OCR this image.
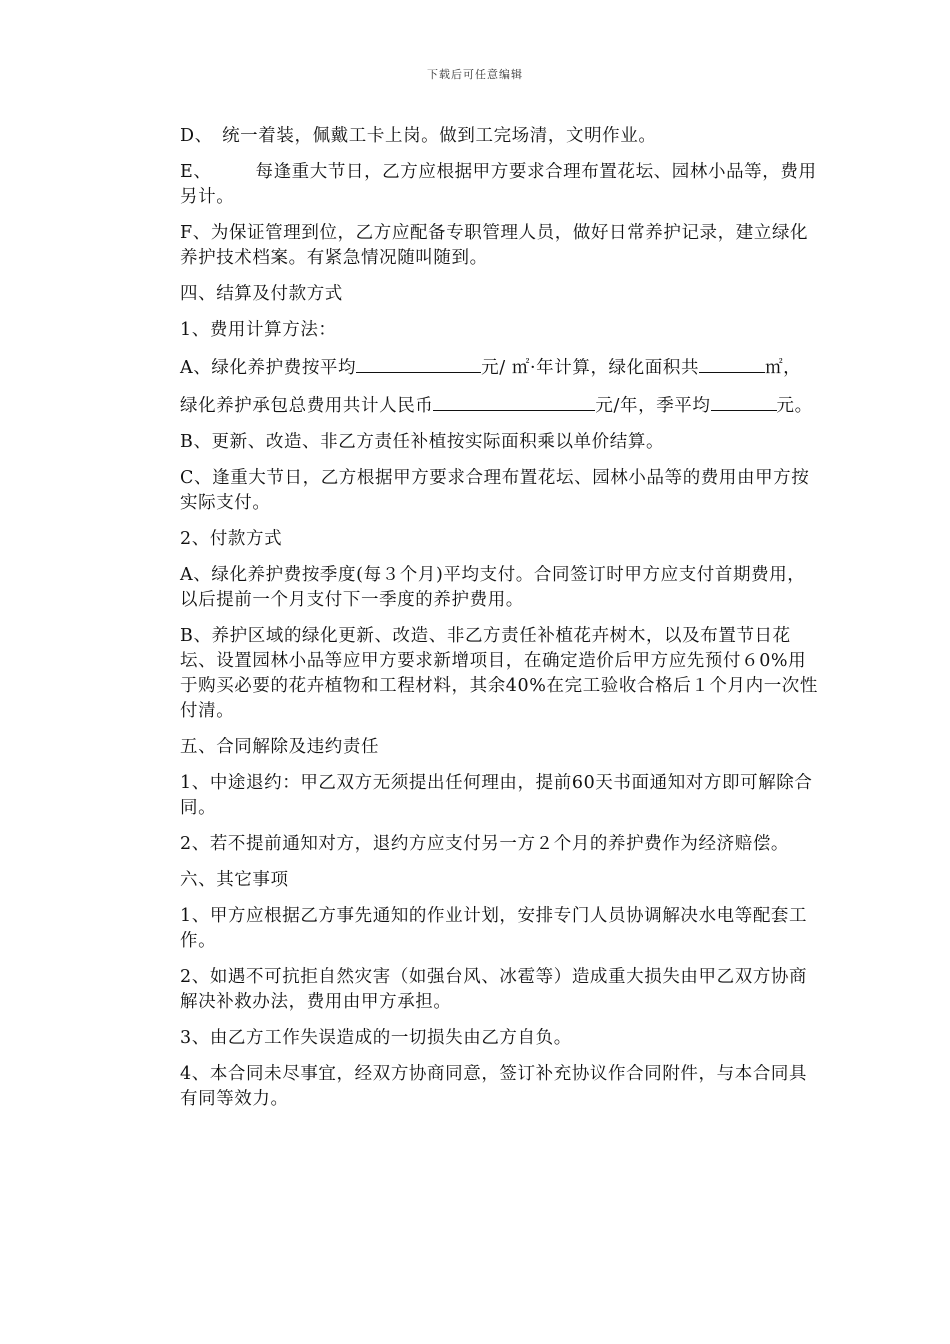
下载后可任意编辑

D、　统一着装，佩戴工卡上岗。做到工完场清，文明作业。

E、	每逢重大节日，乙方应根据甲方要求合理布置花坛、园林小品等，费用另计。

F、为保证管理到位，乙方应配备专职管理人员，做好日常养护记录，建立绿化养护技术档案。有紧急情况随叫随到。

四、结算及付款方式

1、费用计算方法：

A、绿化养护费按平均	元/ ㎡·年计算，绿化面积共	㎡，

绿化养护承包总费用共计人民币	元/年，季平均	元。

B、更新、改造、非乙方责任补植按实际面积乘以单价结算。

C、逢重大节日，乙方根据甲方要求合理布置花坛、园林小品等的费用由甲方按实际支付。

2、付款方式

A、绿化养护费按季度(每３个月)平均支付。合同签订时甲方应支付首期费用，以后提前一个月支付下一季度的养护费用。

B、养护区域的绿化更新、改造、非乙方责任补植花卉树木，以及布置节日花坛、设置园林小品等应甲方要求新增项目，在确定造价后甲方应先预付６0%用于购买必要的花卉植物和工程材料，其余40%在完工验收合格后１个月内一次性付清。

五、合同解除及违约责任

1、中途退约：甲乙双方无须提出任何理由，提前60天书面通知对方即可解除合同。

2、若不提前通知对方，退约方应支付另一方２个月的养护费作为经济赔偿。

六、其它事项

1、甲方应根据乙方事先通知的作业计划，安排专门人员协调解决水电等配套工作。

2、如遇不可抗拒自然灾害（如强台风、冰雹等）造成重大损失由甲乙双方协商解决补救办法，费用由甲方承担。

3、由乙方工作失误造成的一切损失由乙方自负。

4、本合同未尽事宜，经双方协商同意，签订补充协议作合同附件，与本合同具有同等效力。
